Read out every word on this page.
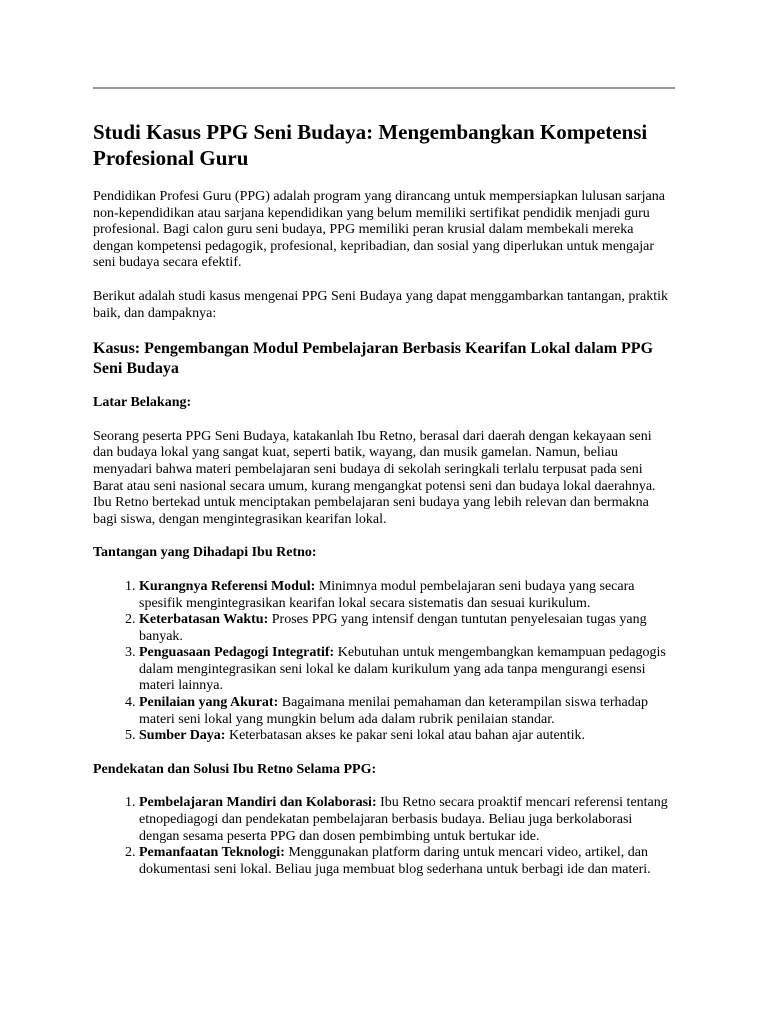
Studi Kasus PPG Seni Budaya: Mengembangkan Kompetensi Profesional Guru

Pendidikan Profesi Guru (PPG) adalah program yang dirancang untuk mempersiapkan lulusan sarjana non-kependidikan atau sarjana kependidikan yang belum memiliki sertifikat pendidik menjadi guru profesional. Bagi calon guru seni budaya, PPG memiliki peran krusial dalam membekali mereka dengan kompetensi pedagogik, profesional, kepribadian, dan sosial yang diperlukan untuk mengajar seni budaya secara efektif.

Berikut adalah studi kasus mengenai PPG Seni Budaya yang dapat menggambarkan tantangan, praktik baik, dan dampaknya:

Kasus: Pengembangan Modul Pembelajaran Berbasis Kearifan Lokal dalam PPG Seni Budaya
Latar Belakang:

Seorang peserta PPG Seni Budaya, katakanlah Ibu Retno, berasal dari daerah dengan kekayaan seni dan budaya lokal yang sangat kuat, seperti batik, wayang, dan musik gamelan. Namun, beliau menyadari bahwa materi pembelajaran seni budaya di sekolah seringkali terlalu terpusat pada seni Barat atau seni nasional secara umum, kurang mengangkat potensi seni dan budaya lokal daerahnya. Ibu Retno bertekad untuk menciptakan pembelajaran seni budaya yang lebih relevan dan bermakna bagi siswa, dengan mengintegrasikan kearifan lokal.

Tantangan yang Dihadapi Ibu Retno:
1. Kurangnya Referensi Modul: Minimnya modul pembelajaran seni budaya yang secara spesifik mengintegrasikan kearifan lokal secara sistematis dan sesuai kurikulum.
2. Keterbatasan Waktu: Proses PPG yang intensif dengan tuntutan penyelesaian tugas yang banyak.
3. Penguasaan Pedagogi Integratif: Kebutuhan untuk mengembangkan kemampuan pedagogis dalam mengintegrasikan seni lokal ke dalam kurikulum yang ada tanpa mengurangi esensi materi lainnya.
4. Penilaian yang Akurat: Bagaimana menilai pemahaman dan keterampilan siswa terhadap materi seni lokal yang mungkin belum ada dalam rubrik penilaian standar.
5. Sumber Daya: Keterbatasan akses ke pakar seni lokal atau bahan ajar autentik.
Pendekatan dan Solusi Ibu Retno Selama PPG:
1. Pembelajaran Mandiri dan Kolaborasi: Ibu Retno secara proaktif mencari referensi tentang etnopediagogi dan pendekatan pembelajaran berbasis budaya. Beliau juga berkolaborasi dengan sesama peserta PPG dan dosen pembimbing untuk bertukar ide.
2. Pemanfaatan Teknologi: Menggunakan platform daring untuk mencari video, artikel, dan dokumentasi seni lokal. Beliau juga membuat blog sederhana untuk berbagi ide dan materi.
